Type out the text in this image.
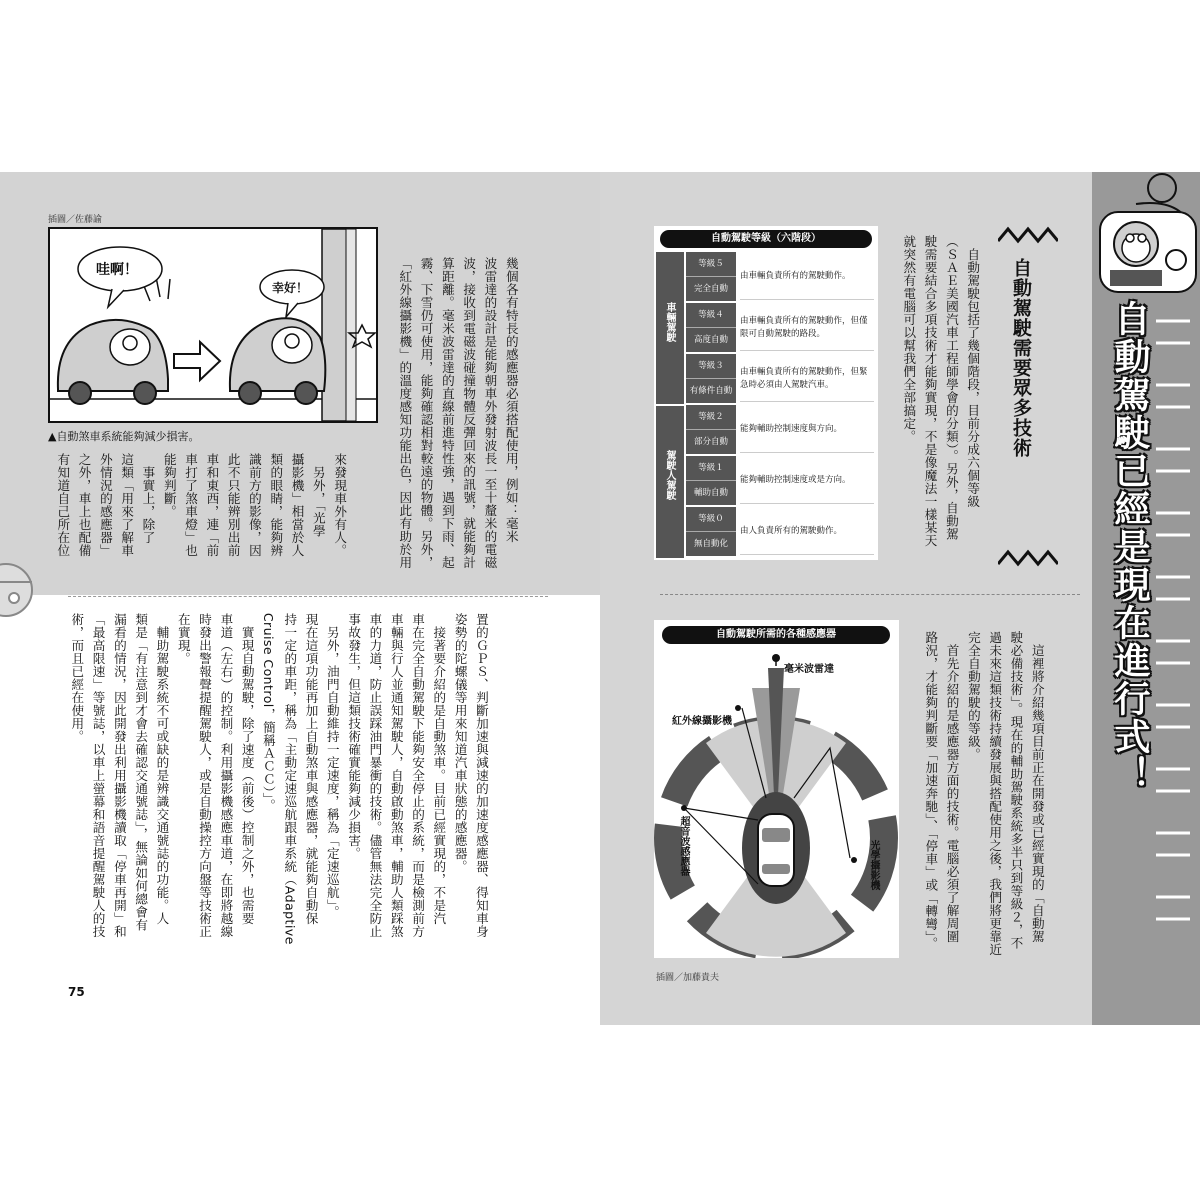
插圖／佐藤諭
哇啊！
幸好！
▲自動煞車系統能夠減少損害。	幾個各有特長的感應器必須搭配使用，例如：毫米
波雷達的設計是能夠朝車外發射波長一至十釐米的電磁
波，接收到電磁波碰撞物體反彈回來的訊號，就能夠計
算距離。毫米波雷達的直線前進特性強，遇到下雨、起
霧、下雪仍可使用，能夠確認相對較遠的物體。另外，
「紅外線攝影機」的溫度感知功能出色，因此有助於用

來發現車外有人。
　另外，「光學
攝影機」相當於人
類的眼睛，能夠辨
識前方的影像，因
此不只能辨別出前
車和東西，連「前
車打了煞車燈」也
能夠判斷。
　事實上，除了
這類「用來了解車
外情況的感應器」
之外，車上也配備
有知道自己所在位

置的ＧＰＳ、判斷加速與減速的加速度感應器、得知車身
姿勢的陀螺儀等用來知道汽車狀態的感應器。
　接著要介紹的是自動煞車。目前已經實現的，不是汽
車在完全自動駕駛下能夠安全停止的系統，而是檢測前方
車輛與行人並通知駕駛人，自動啟動煞車，輔助人類踩煞
車的力道，防止誤踩油門暴衝的技術。儘管無法完全防止
事故發生，但這類技術確實能夠減少損害。
　另外，油門自動維持一定速度，稱為「定速巡航」。
現在這項功能再加上自動煞車與感應器，就能夠自動保
持一定的車距，稱為「主動定速巡航跟車系統（Adaptive
Cruise Control，簡稱ＡＣＣ）」。
　實現自動駕駛，除了速度（前後）控制之外，也需要
車道（左右）的控制。利用攝影機感應車道，在即將越線
時發出警報聲提醒駕駛人，或是自動操控方向盤等技術正
在實現。
　輔助駕駛系統不可或缺的是辨識交通號誌的功能。人
類是「有注意到才會去確認交通號誌」，無論如何總會有
漏看的情況，因此開發出利用攝影機讀取「停車再開」和
「最高限速」等號誌，以車上螢幕和語音提醒駕駛人的技
術，而且已經在使用。

75
自動駕駛已經是現在進行式！
自動駕駛需要眾多技術

　自動駕駛包括了幾個階段，目前分成六個等級
（ＳＡＥ美國汽車工程師學會的分類）。另外，自動駕
駛需要結合多項技術才能夠實現，不是像魔法一樣某天
就突然有電腦可以幫我們全部搞定。

自動駕駛等級（六階段）
車輛駕駛
駕駛人駕駛
等級５
完全自動
由車輛負責所有的駕駛動作。
等級４
高度自動
由車輛負責所有的駕駛動作，但僅限可自動駕駛的路段。
等級３
有條件自動
由車輛負責所有的駕駛動作，但緊急時必須由人駕駛汽車。
等級２
部分自動
能夠輔助控制速度與方向。
等級１
輔助自動
能夠輔助控制速度或是方向。
等級０
無自動化
由人負責所有的駕駛動作。
自動駕駛所需的各種感應器
毫米波雷達
紅外線攝影機
光學攝影機
超音波感應器
插圖／加藤貴夫

　這裡將介紹幾項目前正在開發或已經實現的「自動駕
駛必備技術」。現在的輔助駕駛系統多半只到等級２，不
過未來這類技術持續發展與搭配使用之後，我們將更靠近
完全自動駕駛的等級。
　首先介紹的是感應器方面的技術。電腦必須了解周圍
路況，才能夠判斷要「加速奔馳」、「停車」或「轉彎」。
